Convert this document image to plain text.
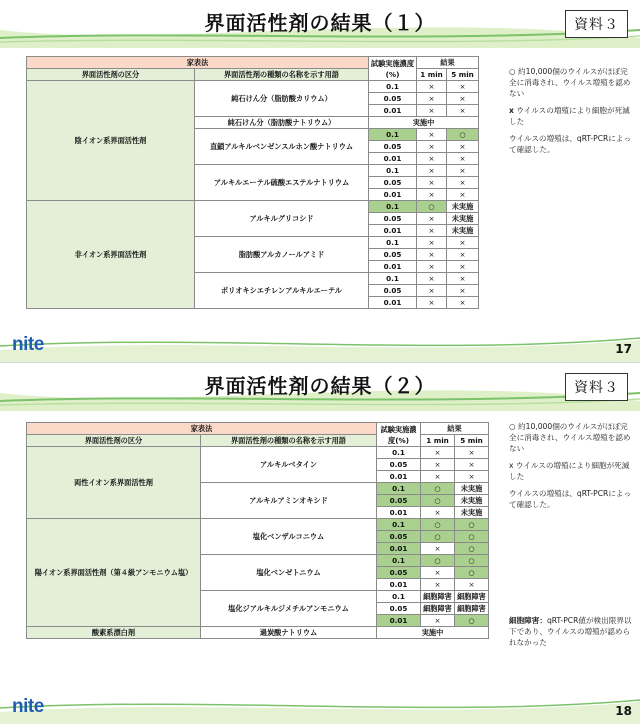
界面活性剤の結果（１）	資料３
家表法		試験実施濃度(%)	結果	
界面活性剤の区分	界面活性剤の種類の名称を示す用語		1 min	5 min
陰イオン系界面活性剤	純石けん分（脂肪酸カリウム）	0.1	×	×
		0.05	×	×
		0.01	×	×
	純石けん分（脂肪酸ナトリウム）	実施中		
	直鎖アルキルベンゼンスルホン酸ナトリウム	0.1	×	○
		0.05	×	×
		0.01	×	×
	アルキルエーテル硫酸エステルナトリウム	0.1	×	×
		0.05	×	×
		0.01	×	×
非イオン系界面活性剤	アルキルグリコシド	0.1	○	未実施
		0.05	×	未実施
		0.01	×	未実施
	脂肪酸アルカノールアミド	0.1	×	×
		0.05	×	×
		0.01	×	×
	ポリオキシエチレンアルキルエーテル	0.1	×	×
		0.05	×	×
		0.01	×	×

○ 約10,000個のウイルスがほぼ完全に消毒され、ウイルス増殖を認めない

x ウイルスの増殖により細胞が死滅した

ウイルスの増殖は、qRT-PCRによって確認した。

nite	17
界面活性剤の結果（２）	資料３
家表法		試験実施濃度(%)	結果	
界面活性剤の区分	界面活性剤の種類の名称を示す用語		1 min	5 min
両性イオン系界面活性剤	アルキルベタイン	0.1	×	×
		0.05	×	×
		0.01	×	×
	アルキルアミンオキシド	0.1	○	未実施
		0.05	○	未実施
		0.01	×	未実施
陽イオン系界面活性剤（第４級アンモニウム塩）	塩化ベンザルコニウム	0.1	○	○
		0.05	○	○
		0.01	×	○
	塩化ベンゼトニウム	0.1	○	○
		0.05	×	○
		0.01	×	×
	塩化ジアルキルジメチルアンモニウム	0.1	細胞障害	細胞障害
		0.05	細胞障害	細胞障害
		0.01	×	○
酸素系漂白剤	過炭酸ナトリウム	実施中		

○ 約10,000個のウイルスがほぼ完全に消毒され、ウイルス増殖を認めない

x ウイルスの増殖により細胞が死滅した

ウイルスの増殖は、qRT-PCRによって確認した。

細胞障害：qRT-PCR値が検出限界以下であり、ウイルスの増殖が認められなかった
nite	18
